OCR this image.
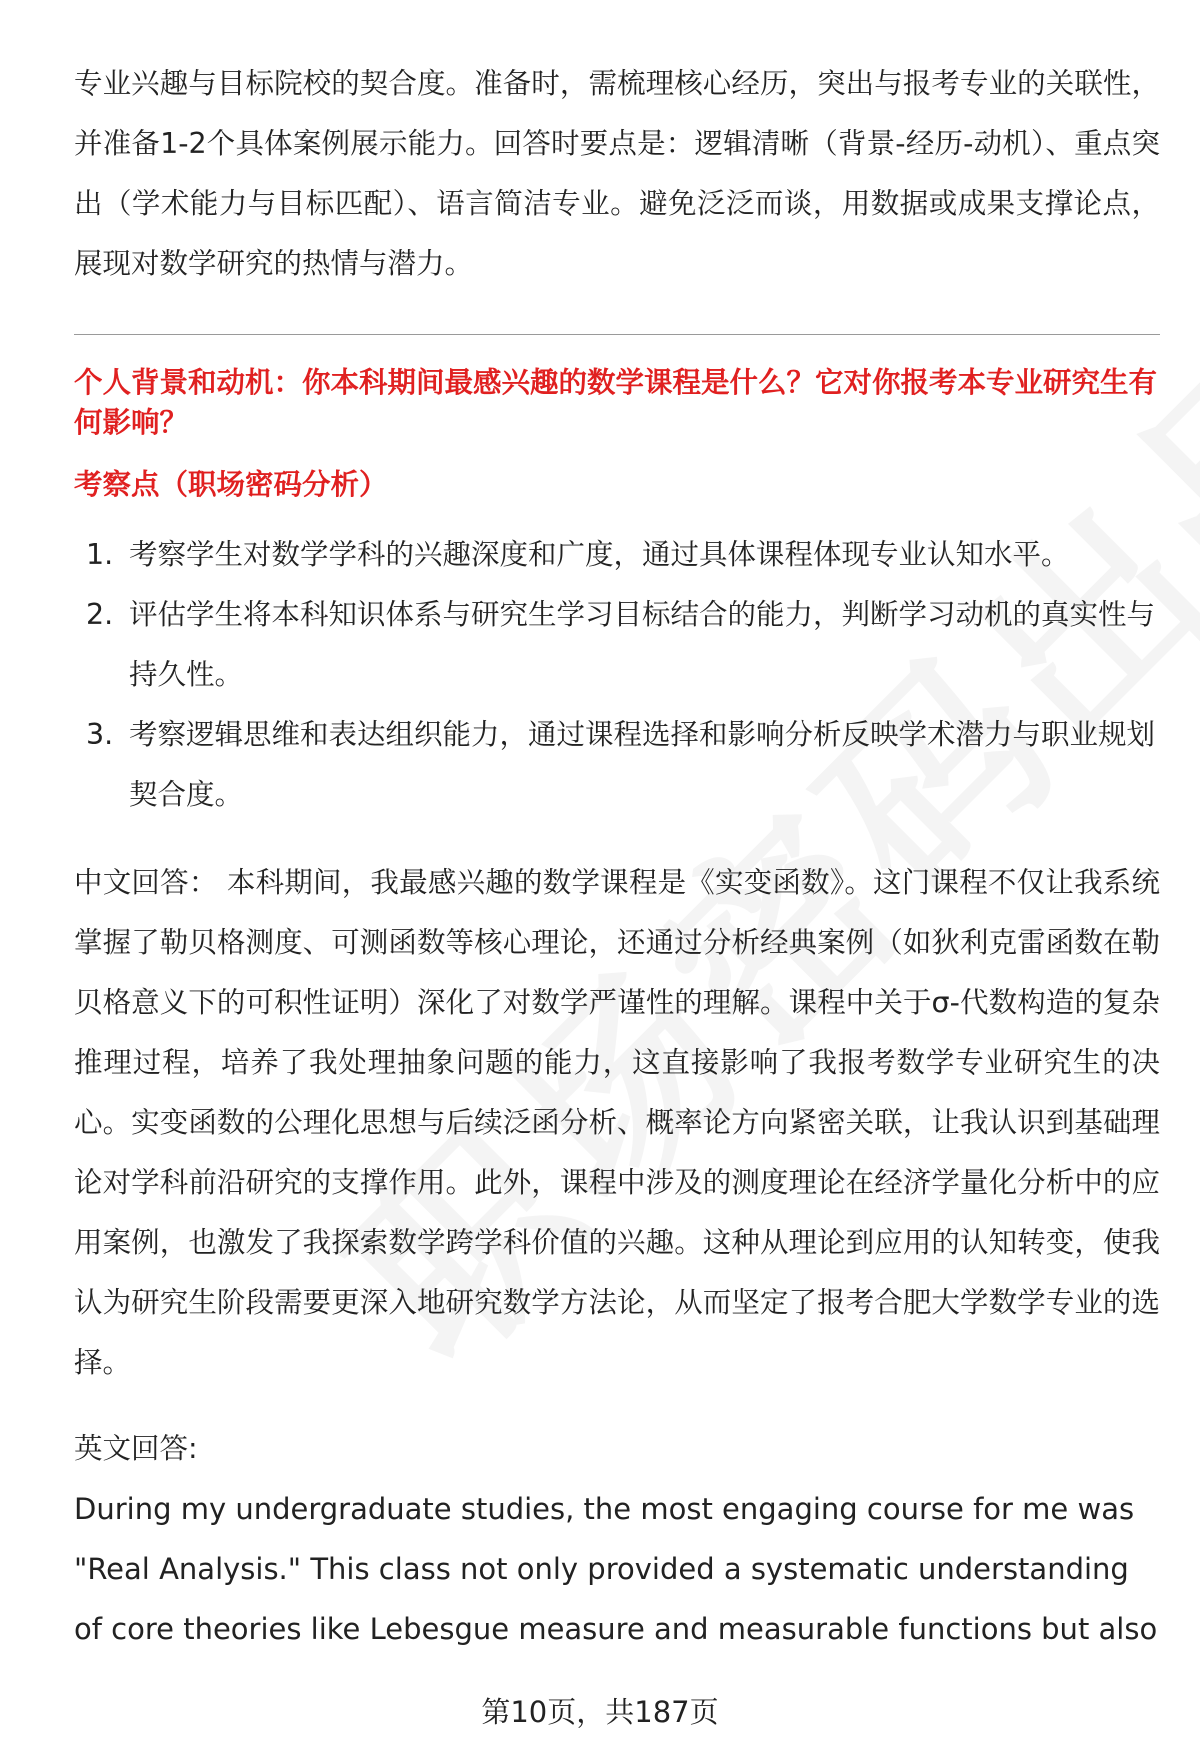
专业兴趣与目标院校的契合度。准备时，需梳理核心经历，突出与报考专业的关联性，并准备1-2个具体案例展示能力。回答时要点是：逻辑清晰（背景-经历-动机）、重点突出（学术能力与目标匹配）、语言简洁专业。避免泛泛而谈，用数据或成果支撑论点，展现对数学研究的热情与潜力。

个人背景和动机：你本科期间最感兴趣的数学课程是什么？它对你报考本专业研究生有何影响？

考察点（职场密码分析）

1. 考察学生对数学学科的兴趣深度和广度，通过具体课程体现专业认知水平。
2. 评估学生将本科知识体系与研究生学习目标结合的能力，判断学习动机的真实性与持久性。
3. 考察逻辑思维和表达组织能力，通过课程选择和影响分析反映学术潜力与职业规划契合度。

中文回答： 本科期间，我最感兴趣的数学课程是《实变函数》。这门课程不仅让我系统掌握了勒贝格测度、可测函数等核心理论，还通过分析经典案例（如狄利克雷函数在勒贝格意义下的可积性证明）深化了对数学严谨性的理解。课程中关于σ-代数构造的复杂推理过程，培养了我处理抽象问题的能力，这直接影响了我报考数学专业研究生的决心。实变函数的公理化思想与后续泛函分析、概率论方向紧密关联，让我认识到基础理论对学科前沿研究的支撑作用。此外，课程中涉及的测度理论在经济学量化分析中的应用案例，也激发了我探索数学跨学科价值的兴趣。这种从理论到应用的认知转变，使我认为研究生阶段需要更深入地研究数学方法论，从而坚定了报考合肥大学数学专业的选择。

英文回答:

During my undergraduate studies, the most engaging course for me was "Real Analysis." This class not only provided a systematic understanding of core theories like Lebesgue measure and measurable functions but also

第10页，共187页
